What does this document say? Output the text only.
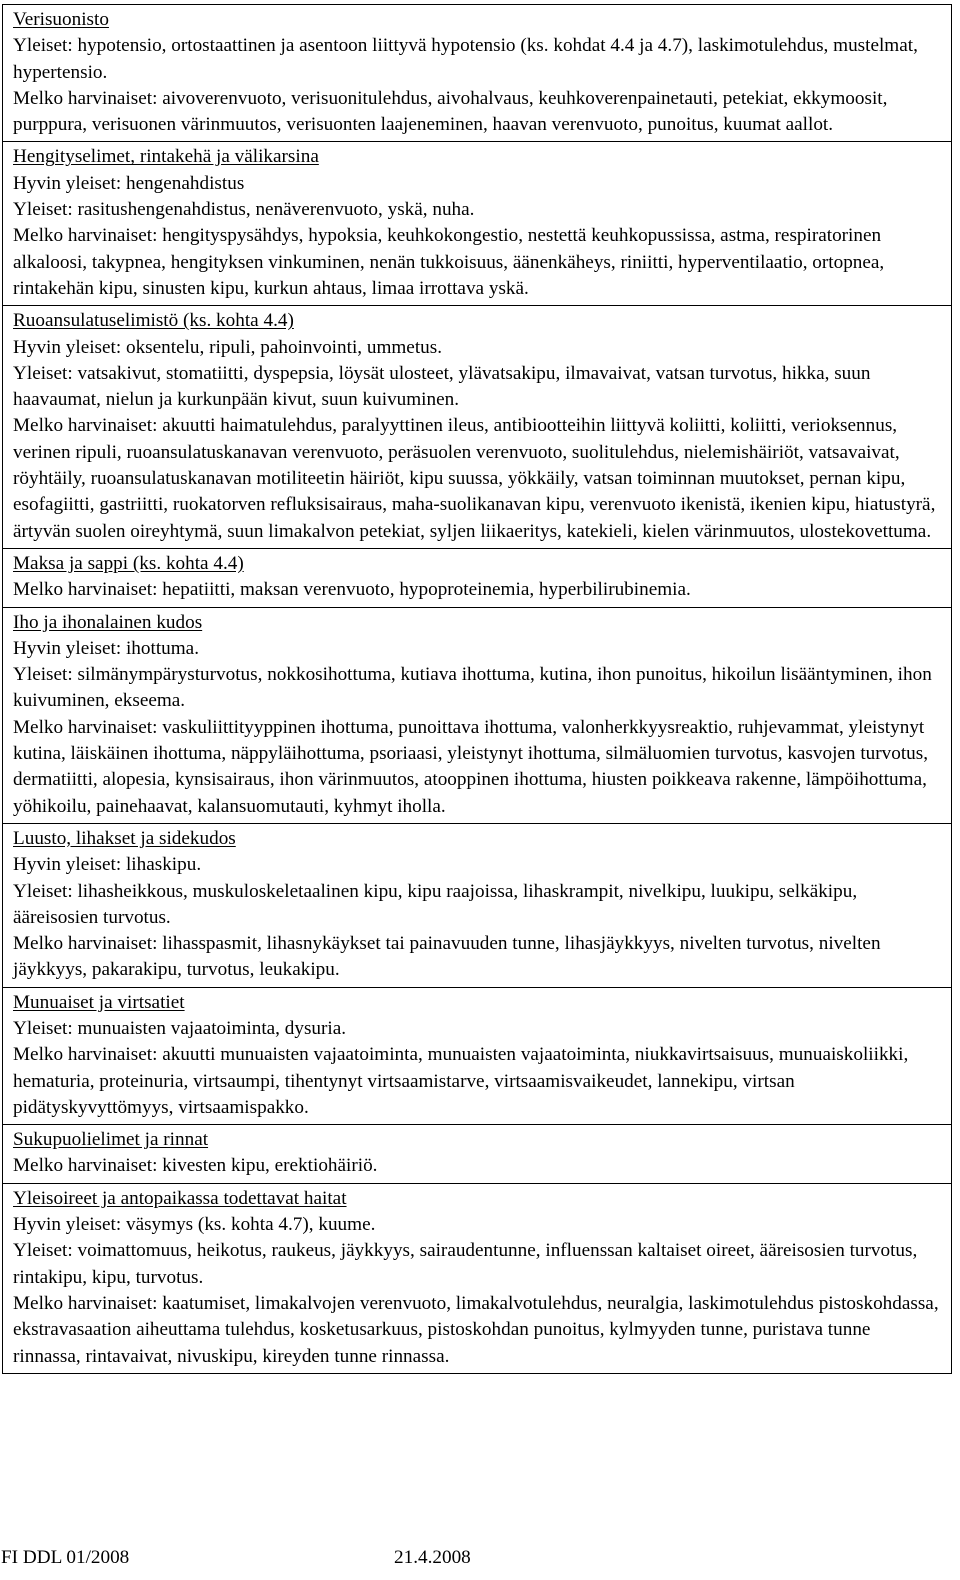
Verisuonisto
Yleiset: hypotensio, ortostaattinen ja asentoon liittyvä hypotensio (ks. kohdat 4.4 ja 4.7), laskimotulehdus, mustelmat, hypertensio.
Melko harvinaiset: aivoverenvuoto, verisuonitulehdus, aivohalvaus, keuhkoverenpainetauti, petekiat, ekkymoosit, purppura, verisuonen värinmuutos, verisuonten laajeneminen, haavan verenvuoto, punoitus, kuumat aallot.

Hengityselimet, rintakehä ja välikarsina
Hyvin yleiset: hengenahdistus
Yleiset: rasitushengenahdistus, nenäverenvuoto, yskä, nuha.
Melko harvinaiset: hengityspysähdys, hypoksia, keuhkokongestio, nestettä keuhkopussissa, astma, respiratorinen alkaloosi, takypnea, hengityksen vinkuminen, nenän tukkoisuus, äänenkäheys, riniitti, hyperventilaatio, ortopnea, rintakehän kipu, sinusten kipu, kurkun ahtaus, limaa irrottava yskä.

Ruoansulatuselimistö (ks. kohta 4.4)
Hyvin yleiset: oksentelu, ripuli, pahoinvointi, ummetus.
Yleiset: vatsakivut, stomatiitti, dyspepsia, löysät ulosteet, ylävatsakipu, ilmavaivat, vatsan turvotus, hikka, suun haavaumat, nielun ja kurkunpään kivut, suun kuivuminen.
Melko harvinaiset: akuutti haimatulehdus, paralyyttinen ileus, antibiootteihin liittyvä koliitti, koliitti, verioksennus, verinen ripuli, ruoansulatuskanavan verenvuoto, peräsuolen verenvuoto, suolitulehdus, nielemishäiriöt, vatsavaivat, röyhtäily, ruoansulatuskanavan motiliteetin häiriöt, kipu suussa, yökkäily, vatsan toiminnan muutokset, pernan kipu, esofagiitti, gastriitti, ruokatorven refluksisairaus, maha-suolikanavan kipu, verenvuoto ikenistä, ikenien kipu, hiatustyrä, ärtyvän suolen oireyhtymä, suun limakalvon petekiat, syljen liikaeritys, katekieli, kielen värinmuutos, ulostekovettuma.

Maksa ja sappi (ks. kohta 4.4)
Melko harvinaiset: hepatiitti, maksan verenvuoto, hypoproteinemia, hyperbilirubinemia.

Iho ja ihonalainen kudos
Hyvin yleiset: ihottuma.
Yleiset: silmänympärysturvotus, nokkosihottuma, kutiava ihottuma, kutina, ihon punoitus, hikoilun lisääntyminen, ihon kuivuminen, ekseema.
Melko harvinaiset: vaskuliittityyppinen ihottuma, punoittava ihottuma, valonherkkyysreaktio, ruhjevammat, yleistynyt kutina, läiskäinen ihottuma, näppyläihottuma, psoriaasi, yleistynyt ihottuma, silmäluomien turvotus, kasvojen turvotus, dermatiitti, alopesia, kynsisairaus, ihon värinmuutos, atooppinen ihottuma, hiusten poikkeava rakenne, lämpöihottuma, yöhikoilu, painehaavat, kalansuomutauti, kyhmyt iholla.

Luusto, lihakset ja sidekudos
Hyvin yleiset: lihaskipu.
Yleiset: lihasheikkous, muskuloskeletaalinen kipu, kipu raajoissa, lihaskrampit, nivelkipu, luukipu, selkäkipu, ääreisosien turvotus.
Melko harvinaiset: lihasspasmit, lihasnykäykset tai painavuuden tunne, lihasjäykkyys, nivelten turvotus, nivelten jäykkyys, pakarakipu, turvotus, leukakipu.

Munuaiset ja virtsatiet
Yleiset: munuaisten vajaatoiminta, dysuria.
Melko harvinaiset: akuutti munuaisten vajaatoiminta, munuaisten vajaatoiminta, niukkavirtsaisuus, munuaiskoliikki, hematuria, proteinuria, virtsaumpi, tihentynyt virtsaamistarve, virtsaamisvaikeudet, lannekipu, virtsan pidätyskyvyttömyys, virtsaamispakko.

Sukupuolielimet ja rinnat
Melko harvinaiset: kivesten kipu, erektiohäiriö.

Yleisoireet ja antopaikassa todettavat haitat
Hyvin yleiset: väsymys (ks. kohta 4.7), kuume.
Yleiset: voimattomuus, heikotus, raukeus, jäykkyys, sairaudentunne, influenssan kaltaiset oireet, ääreisosien turvotus, rintakipu, kipu, turvotus.
Melko harvinaiset: kaatumiset, limakalvojen verenvuoto, limakalvotulehdus, neuralgia, laskimotulehdus pistoskohdassa, ekstravasaation aiheuttama tulehdus, kosketusarkuus, pistoskohdan punoitus, kylmyyden tunne, puristava tunne rinnassa, rintavaivat, nivuskipu, kireyden tunne rinnassa.
FI DDL 01/2008	21.4.2008
